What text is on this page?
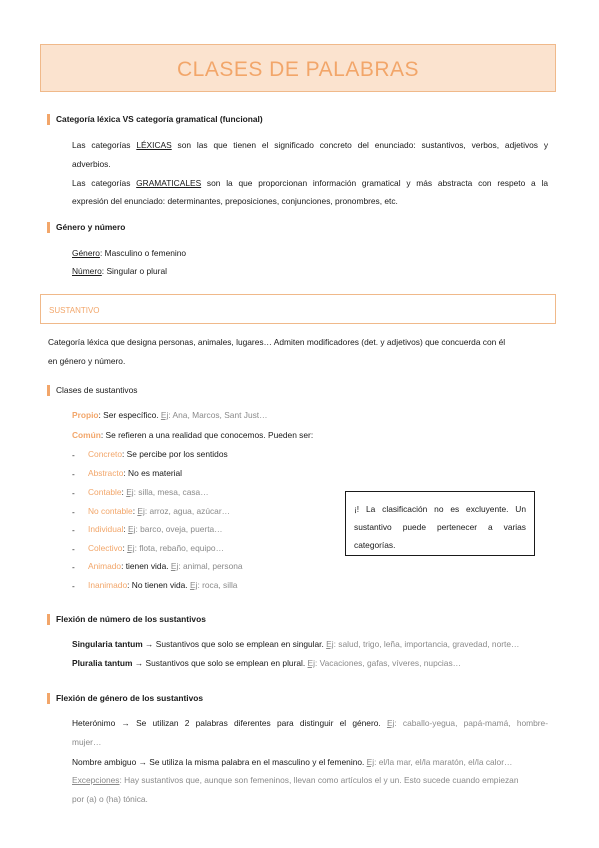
CLASES DE PALABRAS
Categoría léxica VS categoría gramatical (funcional)
Las categorías LÉXICAS son las que tienen el significado concreto del enunciado: sustantivos, verbos, adjetivos y
adverbios.
Las categorías GRAMATICALES son la que proporcionan información gramatical y más abstracta con respeto a la
expresión del enunciado: determinantes, preposiciones, conjunciones, pronombres, etc.
Género y número
Género: Masculino o femenino
Número: Singular o plural
SUSTANTIVO
Categoría léxica que designa personas, animales, lugares… Admiten modificadores (det. y adjetivos) que concuerda con él
en género y número.
Clases de sustantivos
Propio: Ser específico. Ej: Ana, Marcos, Sant Just…
Común: Se refieren a una realidad que conocemos. Pueden ser:
- Concreto: Se percibe por los sentidos
- Abstracto: No es material
- Contable: Ej: silla, mesa, casa…
- No contable: Ej: arroz, agua, azúcar…
- Individual: Ej: barco, oveja, puerta…
- Colectivo: Ej: flota, rebaño, equipo…
- Animado: tienen vida. Ej: animal, persona
- Inanimado: No tienen vida. Ej: roca, silla
¡! La clasificación no es excluyente. Un
sustantivo puede pertenecer a varias
categorías.
Flexión de número de los sustantivos
Singularia tantum → Sustantivos que solo se emplean en singular. Ej: salud, trigo, leña, importancia, gravedad, norte…
Pluralia tantum → Sustantivos que solo se emplean en plural. Ej: Vacaciones, gafas, víveres, nupcias…
Flexión de género de los sustantivos
Heterónimo → Se utilizan 2 palabras diferentes para distinguir el género. Ej: caballo-yegua, papá-mamá, hombre-
mujer…
Nombre ambiguo → Se utiliza la misma palabra en el masculino y el femenino. Ej: el/la mar, el/la maratón, el/la calor…
Excepciones: Hay sustantivos que, aunque son femeninos, llevan como artículos el y un. Esto sucede cuando empiezan
por (a) o (ha) tónica.
